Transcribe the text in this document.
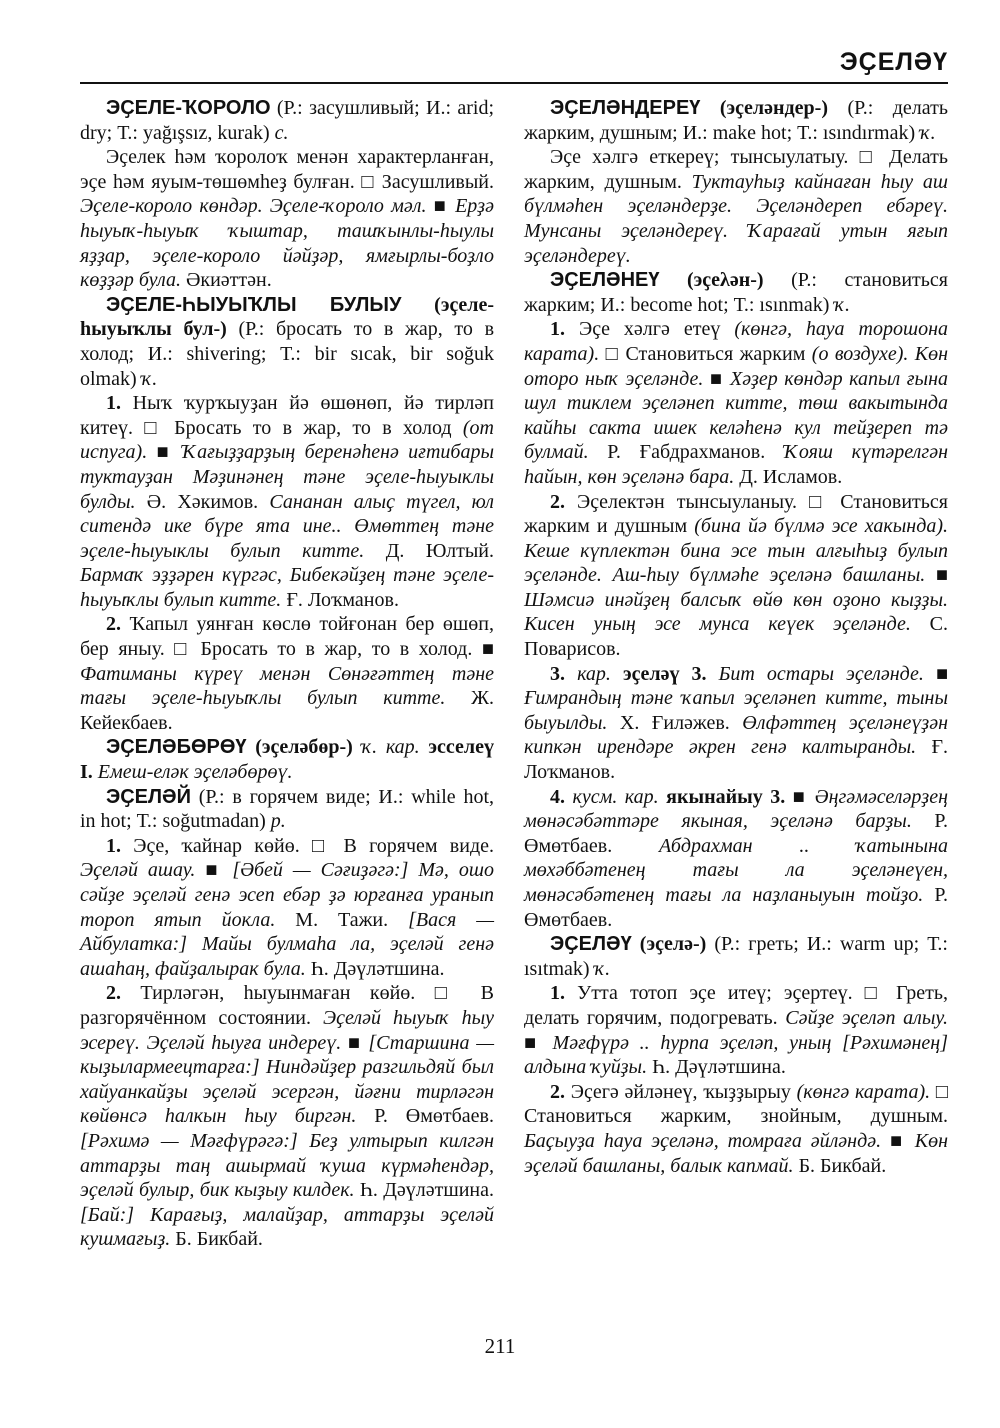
ЭҪЕЛӘҮ

ЭҪЕЛЕ-ҠОРОЛО (Р.: засушливый; И.: arid; dry; Т.: yağışsız, kurak) с.

Эҫелек һәм ҡоролоҡ менән характерланған, эҫе һәм яуым-төшөмһеҙ булған. □ Засушливый. Эҫеле-короло көндәр. Эҫеле-ҡороло мәл. ■ Ерҙә һыуыҡ-һыуыҡ ҡыштар, ташҡынлы-һыулы яҙҙар, эҫеле-короло йәйҙәр, ямғырлы-боҙло көҙҙәр була. Әкиәттән.

ЭҪЕЛЕ-ҺЫУЫҠЛЫ БУЛЫУ (эҫеле-һыуыҡлы бул-) (Р.: бросать то в жар, то в холод; И.: shivering; Т.: bir sıcak, bir soğuk olmak) ҡ.

1. Ныҡ ҡурҡыуҙан йә өшөнөп, йә тирләп китеү. □ Бросать то в жар, то в холод (от испуга). ■ Ҡағыҙҙарҙың беренәһенә иғтибары туктауҙан Мәҙинәнең тәне эҫеле-һыуыклы булды. Ә. Хәкимов. Сананан алыҫ түгел, юл ситендә ике бүре ята ине.. Өмөттең тәне эҫеле-һыуыклы булып китте. Д. Юлтый. Бармаҡ эҙҙәрен күргәс, Бибекәйҙең тәне эҫеле-һыуыҡлы булып китте. Ғ. Лоҡманов.

2. Ҡапыл уянған көслө тойғонан бер өшөп, бер яныу. □ Бросать то в жар, то в холод. ■ Фатиманы күреү менән Сөнәғәттең тәне тағы эҫеле-һыуыҡлы булып китте. Ж. Кейекбаев.

ЭҪЕЛӘБӨРӨҮ (эҫеләбөр-) ҡ. кар. эсселеү I. Емеш-еләк эҫеләбөрөү.

ЭҪЕЛӘЙ (Р.: в горячем виде; И.: while hot, in hot; Т.: soğutmadan) р.

1. Эҫе, ҡайнар көйө. □ В горячем виде. Эҫеләй ашау. ■ [Әбей — Сәғиҙәгә:] Мә, ошо сәйҙе эҫеләй генә эсеп ебәр ҙә юрғанға уранып тороп ятып йокла. М. Тажи. [Вася — Айбулатка:] Майы булмаһа ла, эҫеләй генә ашаһаң, файҙалырак була. Һ. Дәүләтшина.

2. Тирләгән, һыуынмаған көйө. □ В разгорячённом состоянии. Эҫеләй һыуыҡ һыу эсереү. Эҫеләй һыуға индереү. ■ [Старшина — кыҙылармеецтарға:] Ниндәйҙер разгильдяй был хайуанкайҙы эҫеләй эсергән, йәғни тирләгән көйөнсә һалкын һыу биргән. Р. Өмөтбаев. [Рәхимә — Мәғфүрәгә:] Беҙ ултырып килгән аттарҙы таң ашырмай ҡуша күрмәһендәр, эҫеләй булыр, бик кыҙыу килдек. Һ. Дәүләтшина. [Бай:] Карағыҙ, малайҙар, аттарҙы эҫеләй кушмағыҙ. Б. Бикбай.

ЭҪЕЛӘНДЕРЕҮ (эҫеләндер-) (Р.: делать жарким, душным; И.: make hot; Т.: ısındırmak) ҡ.

Эҫе хәлгә еткереү; тынсыулатыу. □ Делать жарким, душным. Туктауһыҙ кайнаған һыу аш бүлмәһен эҫеләндерҙе. Эҫеләндереп ебәреү. Мунсаны эҫеләндереү. Ҡарағай утын яғып эҫеләндереү.

ЭҪЕЛӘНЕҮ (эҫеλән-) (Р.: становиться жарким; И.: become hot; Т.: ısınmak) ҡ.

1. Эҫе хәлгә етеү (көнгә, һауа торошона карата). □ Становиться жарким (о воздухе). Көн оторо ныҡ эҫеләнде. ■ Хәҙер көндәр капыл ғына шул тиклем эҫеләнеп китте, төш вакытында кайһы сакта ишек келәһенә кул тейҙереп тә булмай. Р. Ғабдрахманов. Ҡояш күтәрелгән һайын, көн эҫеләнә бара. Д. Исламов.

2. Эҫелектән тынсыуланыу. □ Становиться жарким и душным (бина йә бүлмә эсе хакында). Кеше күплектән бина эсе тын алғыһыҙ булып эҫеләнде. Аш-һыу бүлмәһе эҫеләнә башланы. ■ Шәмсиә инәйҙең балсыҡ өйө көн оҙоно кыҙҙы. Кисен уның эсе мунса кеүек эҫеләнде. С. Поварисов.

3. кар. эҫеләү 3. Бит остары эҫеләнде. ■ Ғимрандың тәне ҡапыл эҫеләнеп китте, тыны быуылды. Х. Ғиләжев. Өлфәттең эҫеләнеүҙән кипкән ирендәре әкрен генә калтыранды. Ғ. Лоҡманов.

4. кусм. кар. якынайыу 3. ■ Әңгәмәселәрҙең мөнәсәбәттәре якыная, эҫеләнә барҙы. Р. Өмөтбаев. Абдрахман .. ҡатынына мөхәббәтенең тағы ла эҫеләнеүен, мөнәсәбәтенең тағы ла наҙланыуын тойҙо. Р. Өмөтбаев.

ЭҪЕЛӘҮ (эҫелә-) (Р.: греть; И.: warm up; Т.: ısıtmak) ҡ.

1. Утта тотоп эҫе итеү; эҫертеү. □ Греть, делать горячим, подогревать. Сәйҙе эҫеләп алыу. ■ Мәғфүрә .. һурпа эҫеләп, уның [Рәхимәнең] алдына ҡуйҙы. Һ. Дәүләтшина.

2. Эҫегә әйләнеү, ҡыҙҙырыу (көнгә карата). □ Становиться жарким, знойным, душным. Баҫыуҙа һауа эҫеләнә, томраға әйләндә. ■ Көн эҫеләй башланы, балык капмай. Б. Бикбай.

211
